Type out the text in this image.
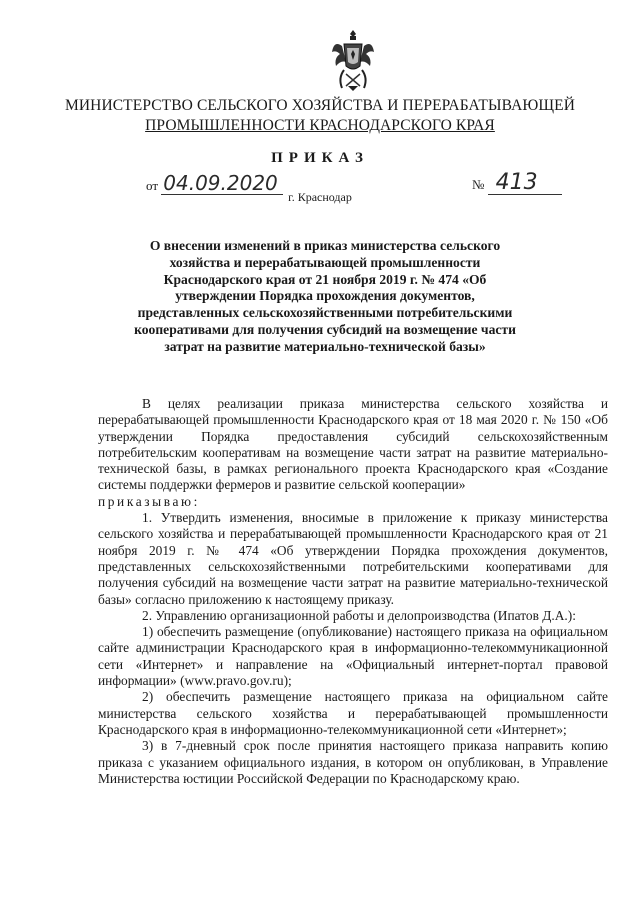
МИНИСТЕРСТВО СЕЛЬСКОГО ХОЗЯЙСТВА И ПЕРЕРАБАТЫВАЮЩЕЙ
ПРОМЫШЛЕННОСТИ КРАСНОДАРСКОГО КРАЯ
ПРИКАЗ
от 04.09.2020	№ 413
г. Краснодар
О внесении изменений в приказ министерства сельского хозяйства и перерабатывающей промышленности Краснодарского края от 21 ноября 2019 г. № 474 «Об утверждении Порядка прохождения документов, представленных сельскохозяйственными потребительскими кооперативами для получения субсидий на возмещение части затрат на развитие материально-технической базы»

В целях реализации приказа министерства сельского хозяйства и перерабатывающей промышленности Краснодарского края от 18 мая 2020 г. № 150 «Об утверждении Порядка предоставления субсидий сельскохозяйственным потребительским кооперативам на возмещение части затрат на развитие материально-технической базы, в рамках регионального проекта Краснодарского края «Создание системы поддержки фермеров и развитие сельской кооперации»
приказываю:

1. Утвердить изменения, вносимые в приложение к приказу министерства сельского хозяйства и перерабатывающей промышленности Краснодарского края от 21 ноября 2019 г. № 474 «Об утверждении Порядка прохождения документов, представленных сельскохозяйственными потребительскими кооперативами для получения субсидий на возмещение части затрат на развитие материально-технической базы» согласно приложению к настоящему приказу.

2. Управлению организационной работы и делопроизводства (Ипатов Д.А.):

1) обеспечить размещение (опубликование) настоящего приказа на официальном сайте администрации Краснодарского края в информационно-телекоммуникационной сети «Интернет» и направление на «Официальный интернет-портал правовой информации» (www.pravo.gov.ru);

2) обеспечить размещение настоящего приказа на официальном сайте министерства сельского хозяйства и перерабатывающей промышленности Краснодарского края в информационно-телекоммуникационной сети «Интернет»;

3) в 7-дневный срок после принятия настоящего приказа направить копию приказа с указанием официального издания, в котором он опубликован, в Управление Министерства юстиции Российской Федерации по Краснодарскому краю.
